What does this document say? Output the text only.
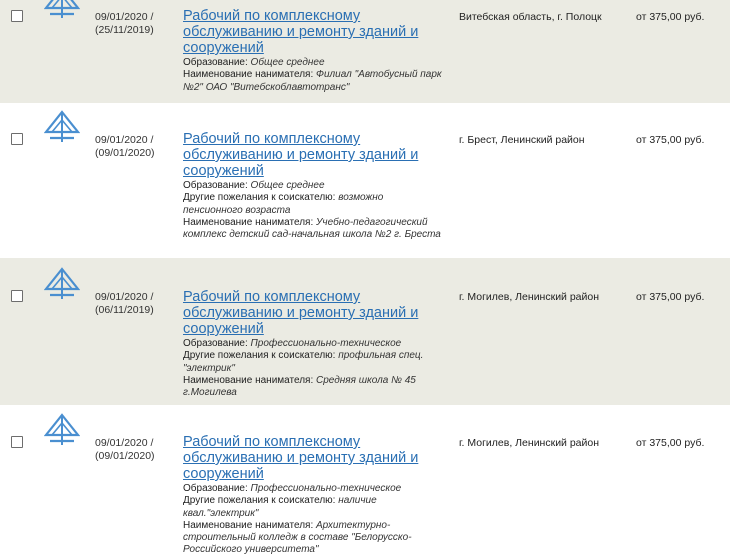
09/01/2020 /
(25/11/2019)
Рабочий по комплексному обслуживанию и ремонту зданий и сооружений
Образование: Общее среднее
Наименование нанимателя: Филиал "Автобусный парк №2" ОАО "Витебскоблавтотранс"
Витебская область, г. Полоцк	от 375,00 руб.
09/01/2020 /
(09/01/2020)
Рабочий по комплексному обслуживанию и ремонту зданий и сооружений
Образование: Общее среднее
Другие пожелания к соискателю: возможно пенсионного возраста
Наименование нанимателя: Учебно-педагогический комплекс детский сад-начальная школа №2 г. Бреста
г. Брест, Ленинский район	от 375,00 руб.
09/01/2020 /
(06/11/2019)
Рабочий по комплексному обслуживанию и ремонту зданий и сооружений
Образование: Профессионально-техническое
Другие пожелания к соискателю: профильная спец. "электрик"
Наименование нанимателя: Средняя школа № 45 г.Могилева
г. Могилев, Ленинский район	от 375,00 руб.
09/01/2020 /
(09/01/2020)
Рабочий по комплексному обслуживанию и ремонту зданий и сооружений
Образование: Профессионально-техническое
Другие пожелания к соискателю: наличие квал."электрик"
Наименование нанимателя: Архитектурно-строительный колледж в составе "Белорусско-Российского университета"
г. Могилев, Ленинский район	от 375,00 руб.
